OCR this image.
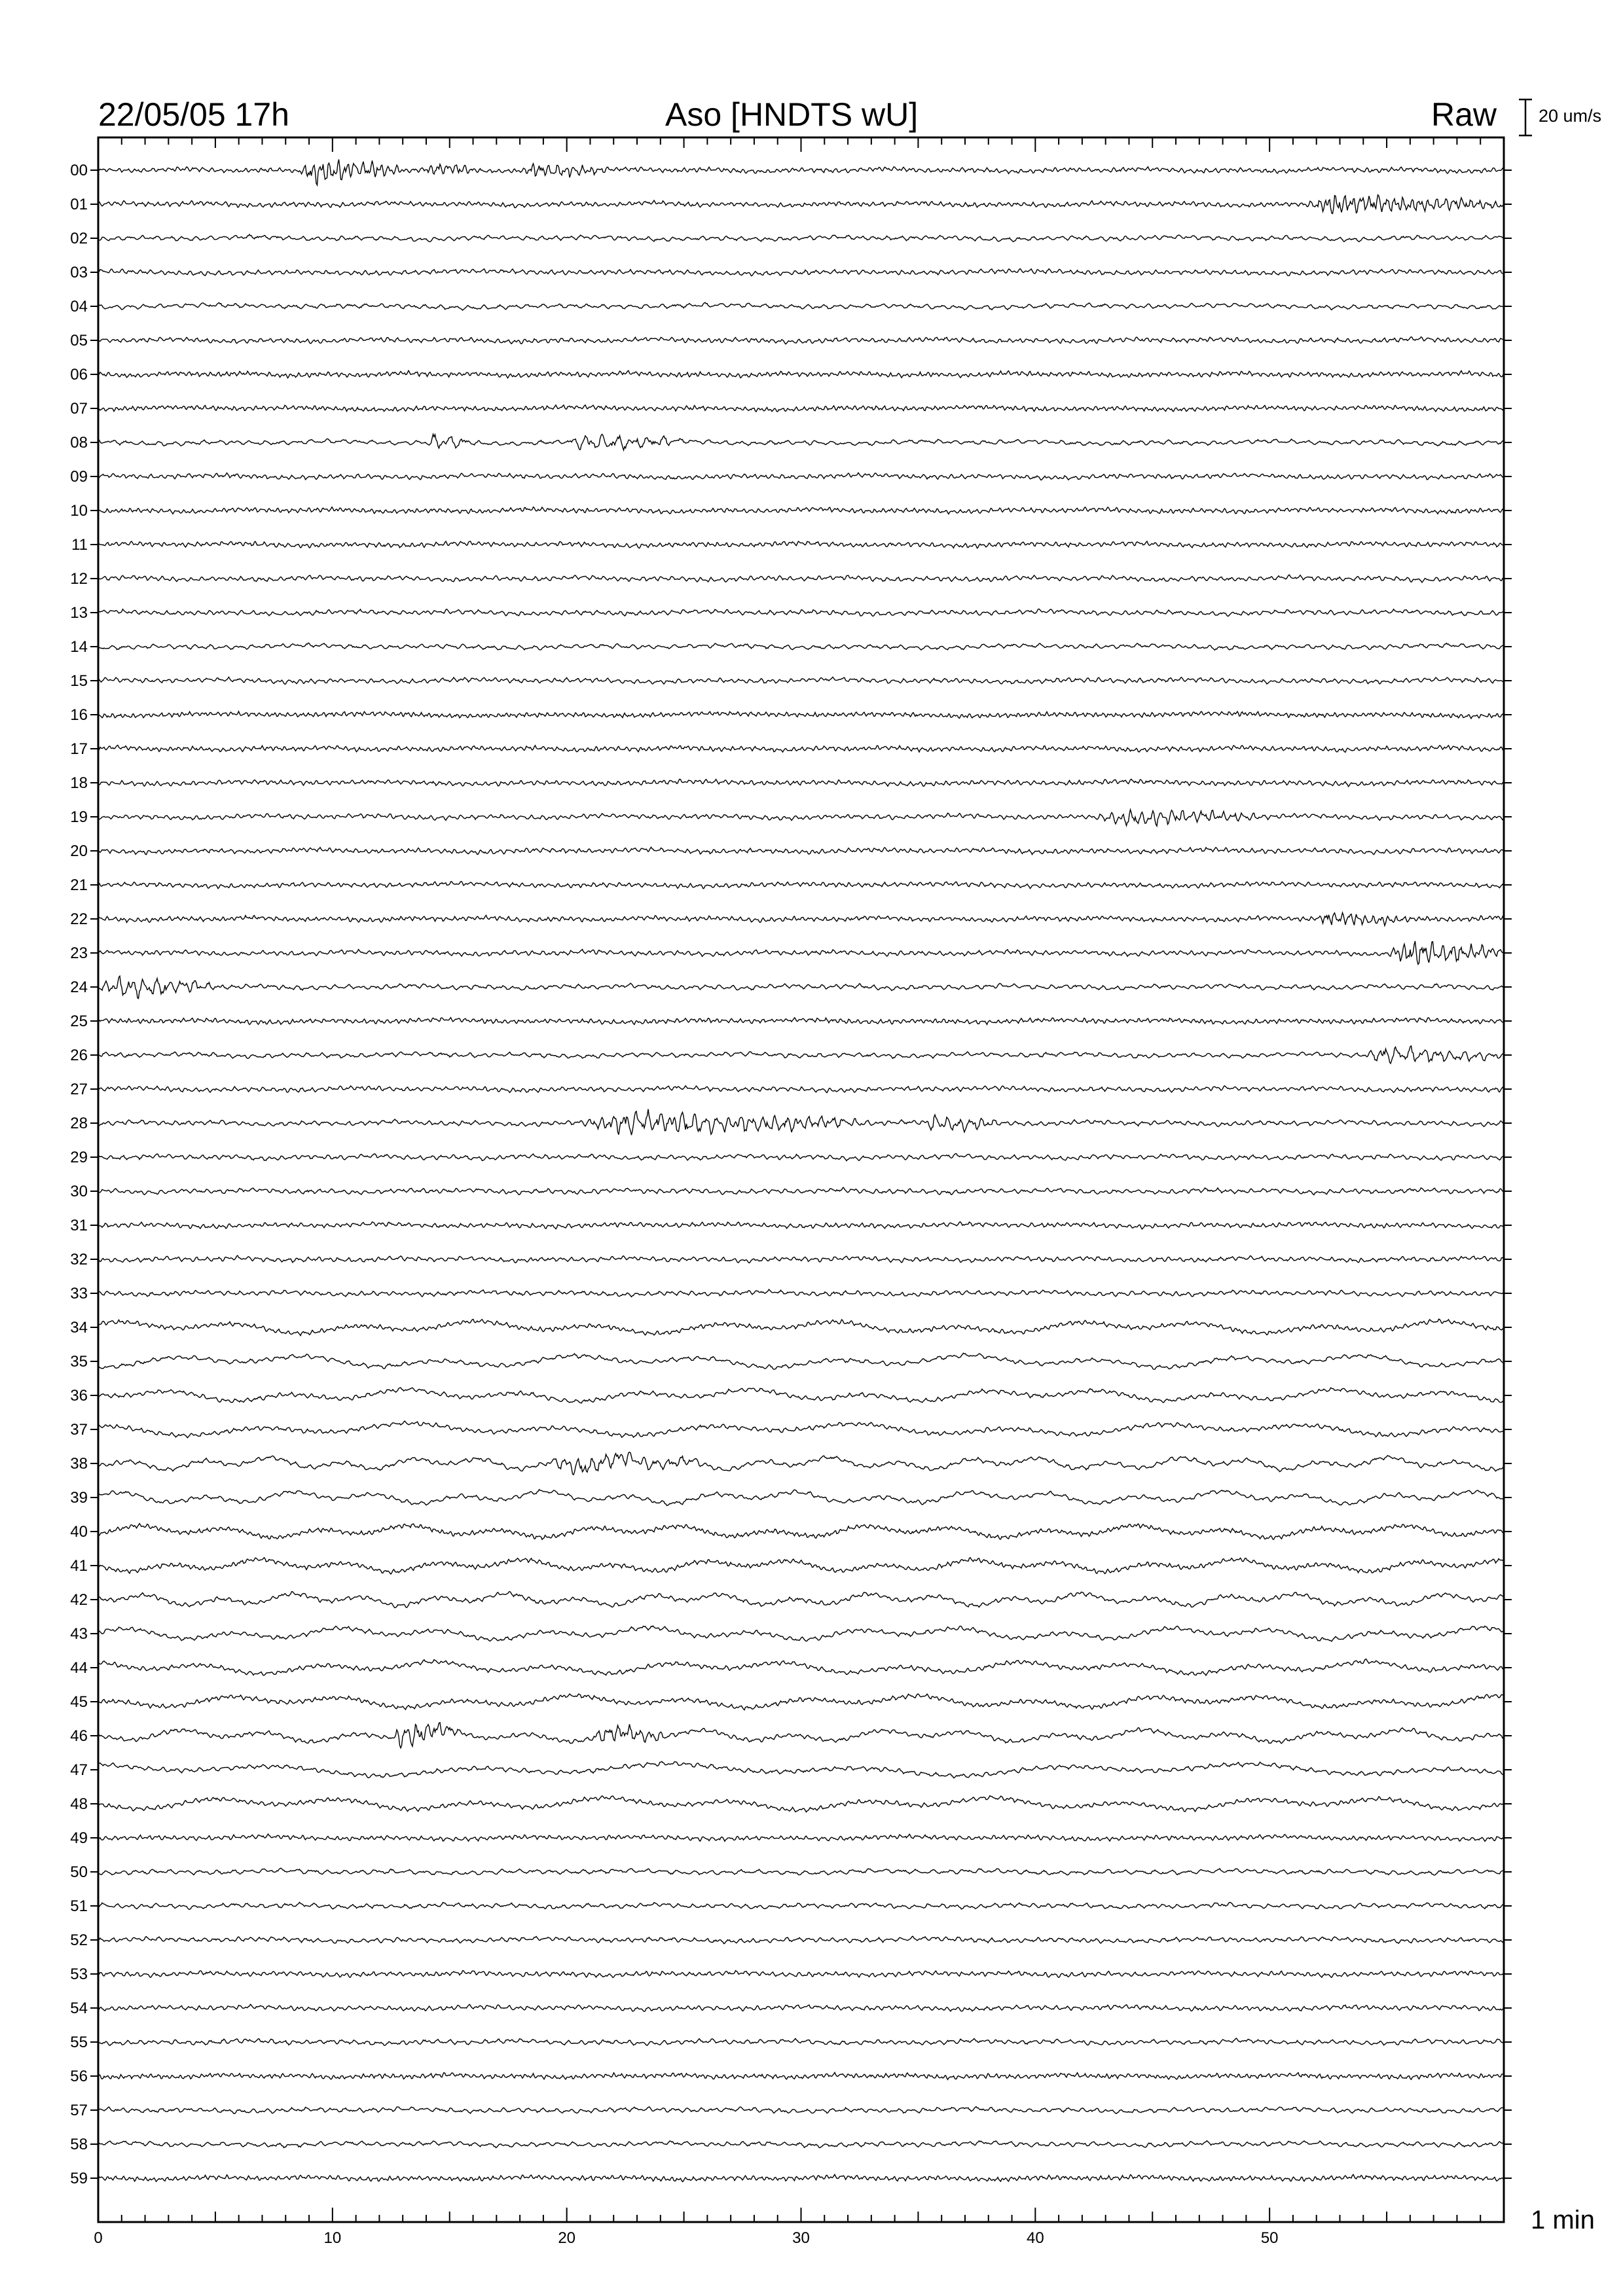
00
01
02
03
04
05
06
07
08
09
10
11
12
13
14
15
16
17
18
19
20
21
22
23
24
25
26
27
28
29
30
31
32
33
34
35
36
37
38
39
40
41
42
43
44
45
46
47
48
49
50
51
52
53
54
55
56
57
58
59
0	10	20	30	40	50
22/05/05 17h	Aso [HNDTS wU]	Raw 20 um/s
1 min
